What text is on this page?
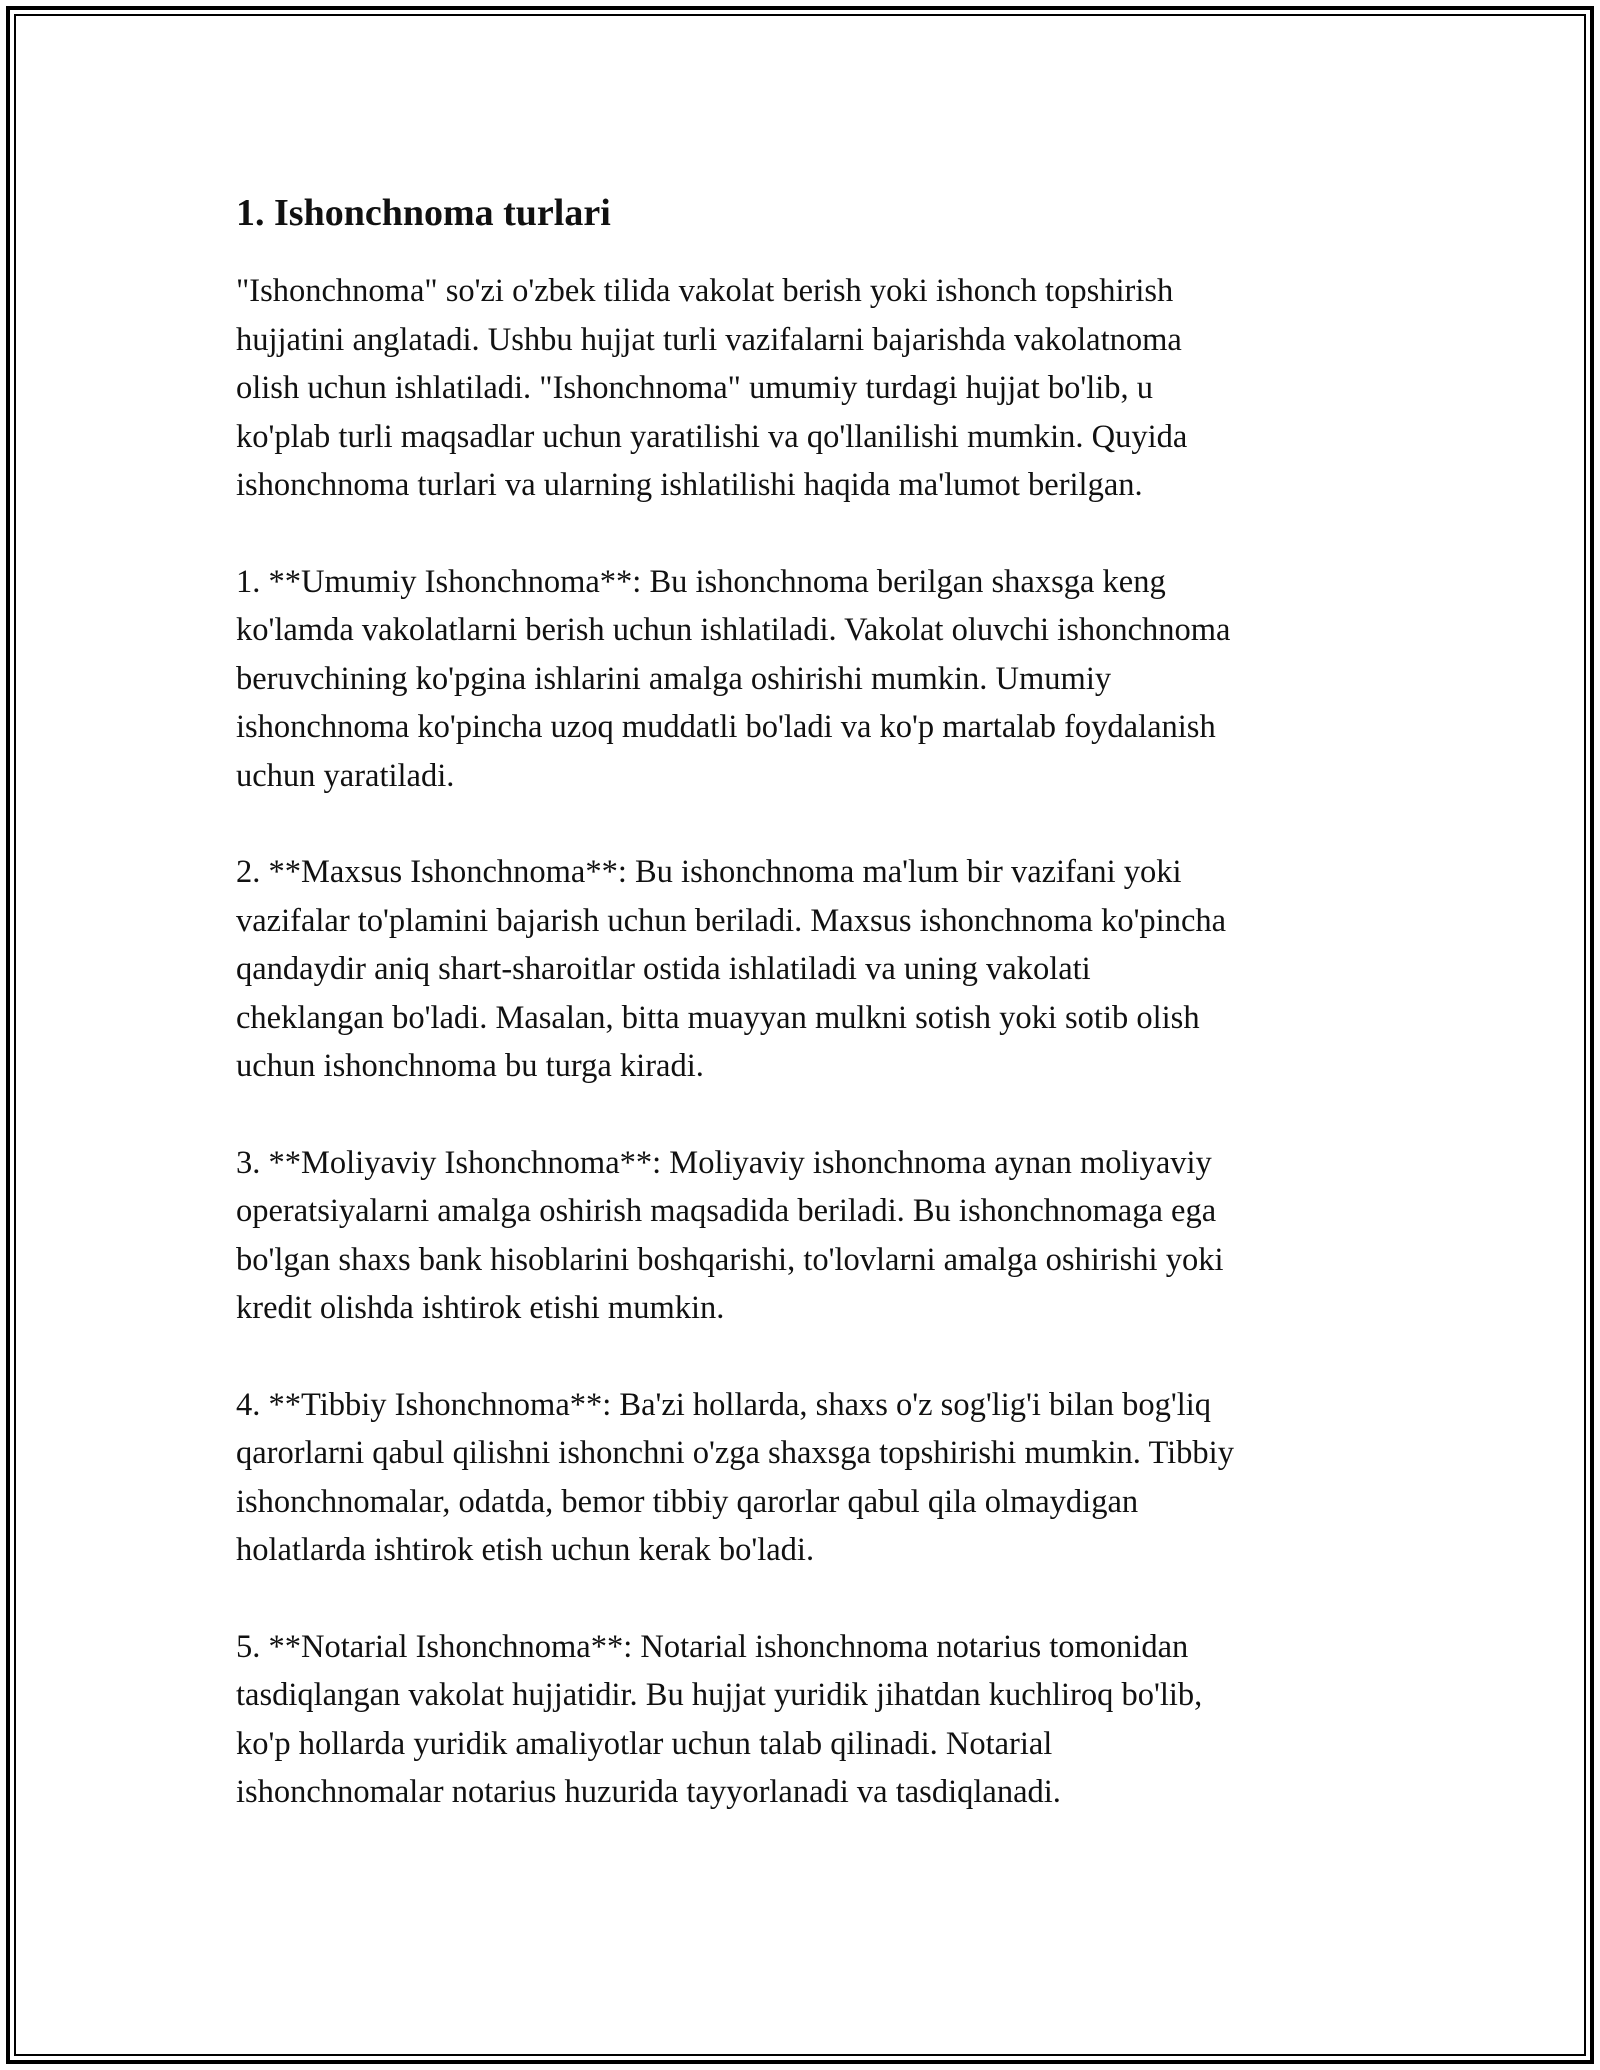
1. Ishonchnoma turlari

"Ishonchnoma" so'zi o'zbek tilida vakolat berish yoki ishonch topshirish
hujjatini anglatadi. Ushbu hujjat turli vazifalarni bajarishda vakolatnoma
olish uchun ishlatiladi. "Ishonchnoma" umumiy turdagi hujjat bo'lib, u
ko'plab turli maqsadlar uchun yaratilishi va qo'llanilishi mumkin. Quyida
ishonchnoma turlari va ularning ishlatilishi haqida ma'lumot berilgan.

1. **Umumiy Ishonchnoma**: Bu ishonchnoma berilgan shaxsga keng
ko'lamda vakolatlarni berish uchun ishlatiladi. Vakolat oluvchi ishonchnoma
beruvchining ko'pgina ishlarini amalga oshirishi mumkin. Umumiy
ishonchnoma ko'pincha uzoq muddatli bo'ladi va ko'p martalab foydalanish
uchun yaratiladi.

2. **Maxsus Ishonchnoma**: Bu ishonchnoma ma'lum bir vazifani yoki
vazifalar to'plamini bajarish uchun beriladi. Maxsus ishonchnoma ko'pincha
qandaydir aniq shart-sharoitlar ostida ishlatiladi va uning vakolati
cheklangan bo'ladi. Masalan, bitta muayyan mulkni sotish yoki sotib olish
uchun ishonchnoma bu turga kiradi.

3. **Moliyaviy Ishonchnoma**: Moliyaviy ishonchnoma aynan moliyaviy
operatsiyalarni amalga oshirish maqsadida beriladi. Bu ishonchnomaga ega
bo'lgan shaxs bank hisoblarini boshqarishi, to'lovlarni amalga oshirishi yoki
kredit olishda ishtirok etishi mumkin.

4. **Tibbiy Ishonchnoma**: Ba'zi hollarda, shaxs o'z sog'lig'i bilan bog'liq
qarorlarni qabul qilishni ishonchni o'zga shaxsga topshirishi mumkin. Tibbiy
ishonchnomalar, odatda, bemor tibbiy qarorlar qabul qila olmaydigan
holatlarda ishtirok etish uchun kerak bo'ladi.

5. **Notarial Ishonchnoma**: Notarial ishonchnoma notarius tomonidan
tasdiqlangan vakolat hujjatidir. Bu hujjat yuridik jihatdan kuchliroq bo'lib,
ko'p hollarda yuridik amaliyotlar uchun talab qilinadi. Notarial
ishonchnomalar notarius huzurida tayyorlanadi va tasdiqlanadi.
